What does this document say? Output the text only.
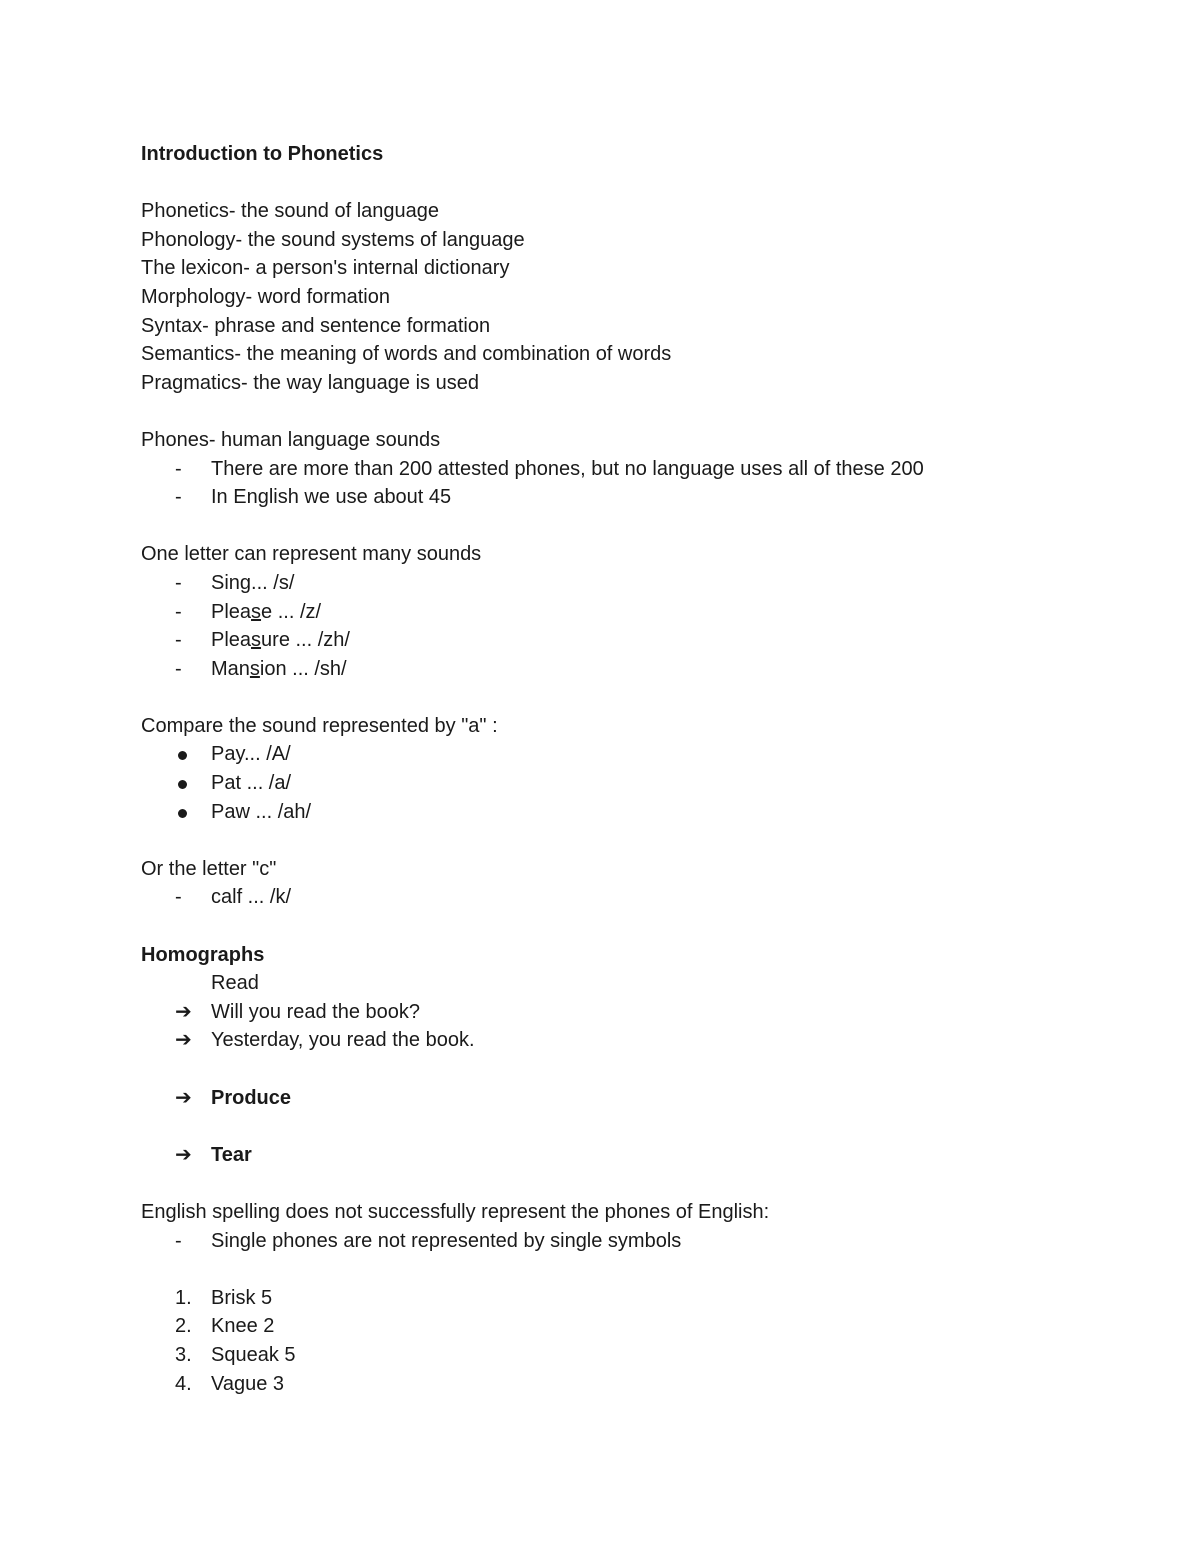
Introduction to Phonetics
Phonetics- the sound of language
Phonology- the sound systems of language
The lexicon- a person's internal dictionary
Morphology- word formation
Syntax- phrase and sentence formation
Semantics- the meaning of words and combination of words
Pragmatics- the way language is used
Phones- human language sounds
-	There are more than 200 attested phones, but no language uses all of these 200
-	In English we use about 45
One letter can represent many sounds
-	Sing... /s/
-	Please ... /z/
-	Pleasure ... /zh/
-	Mansion ... /sh/
Compare the sound represented by "a" :
Pay... /A/
Pat ... /a/
Paw ... /ah/
Or the letter "c"
-	calf ... /k/
Homographs
Read
➔ Will you read the book?
➔ Yesterday, you read the book.
➔ Produce
➔ Tear
English spelling does not successfully represent the phones of English:
-	Single phones are not represented by single symbols
1. Brisk 5
2. Knee 2
3. Squeak 5
4. Vague 3
